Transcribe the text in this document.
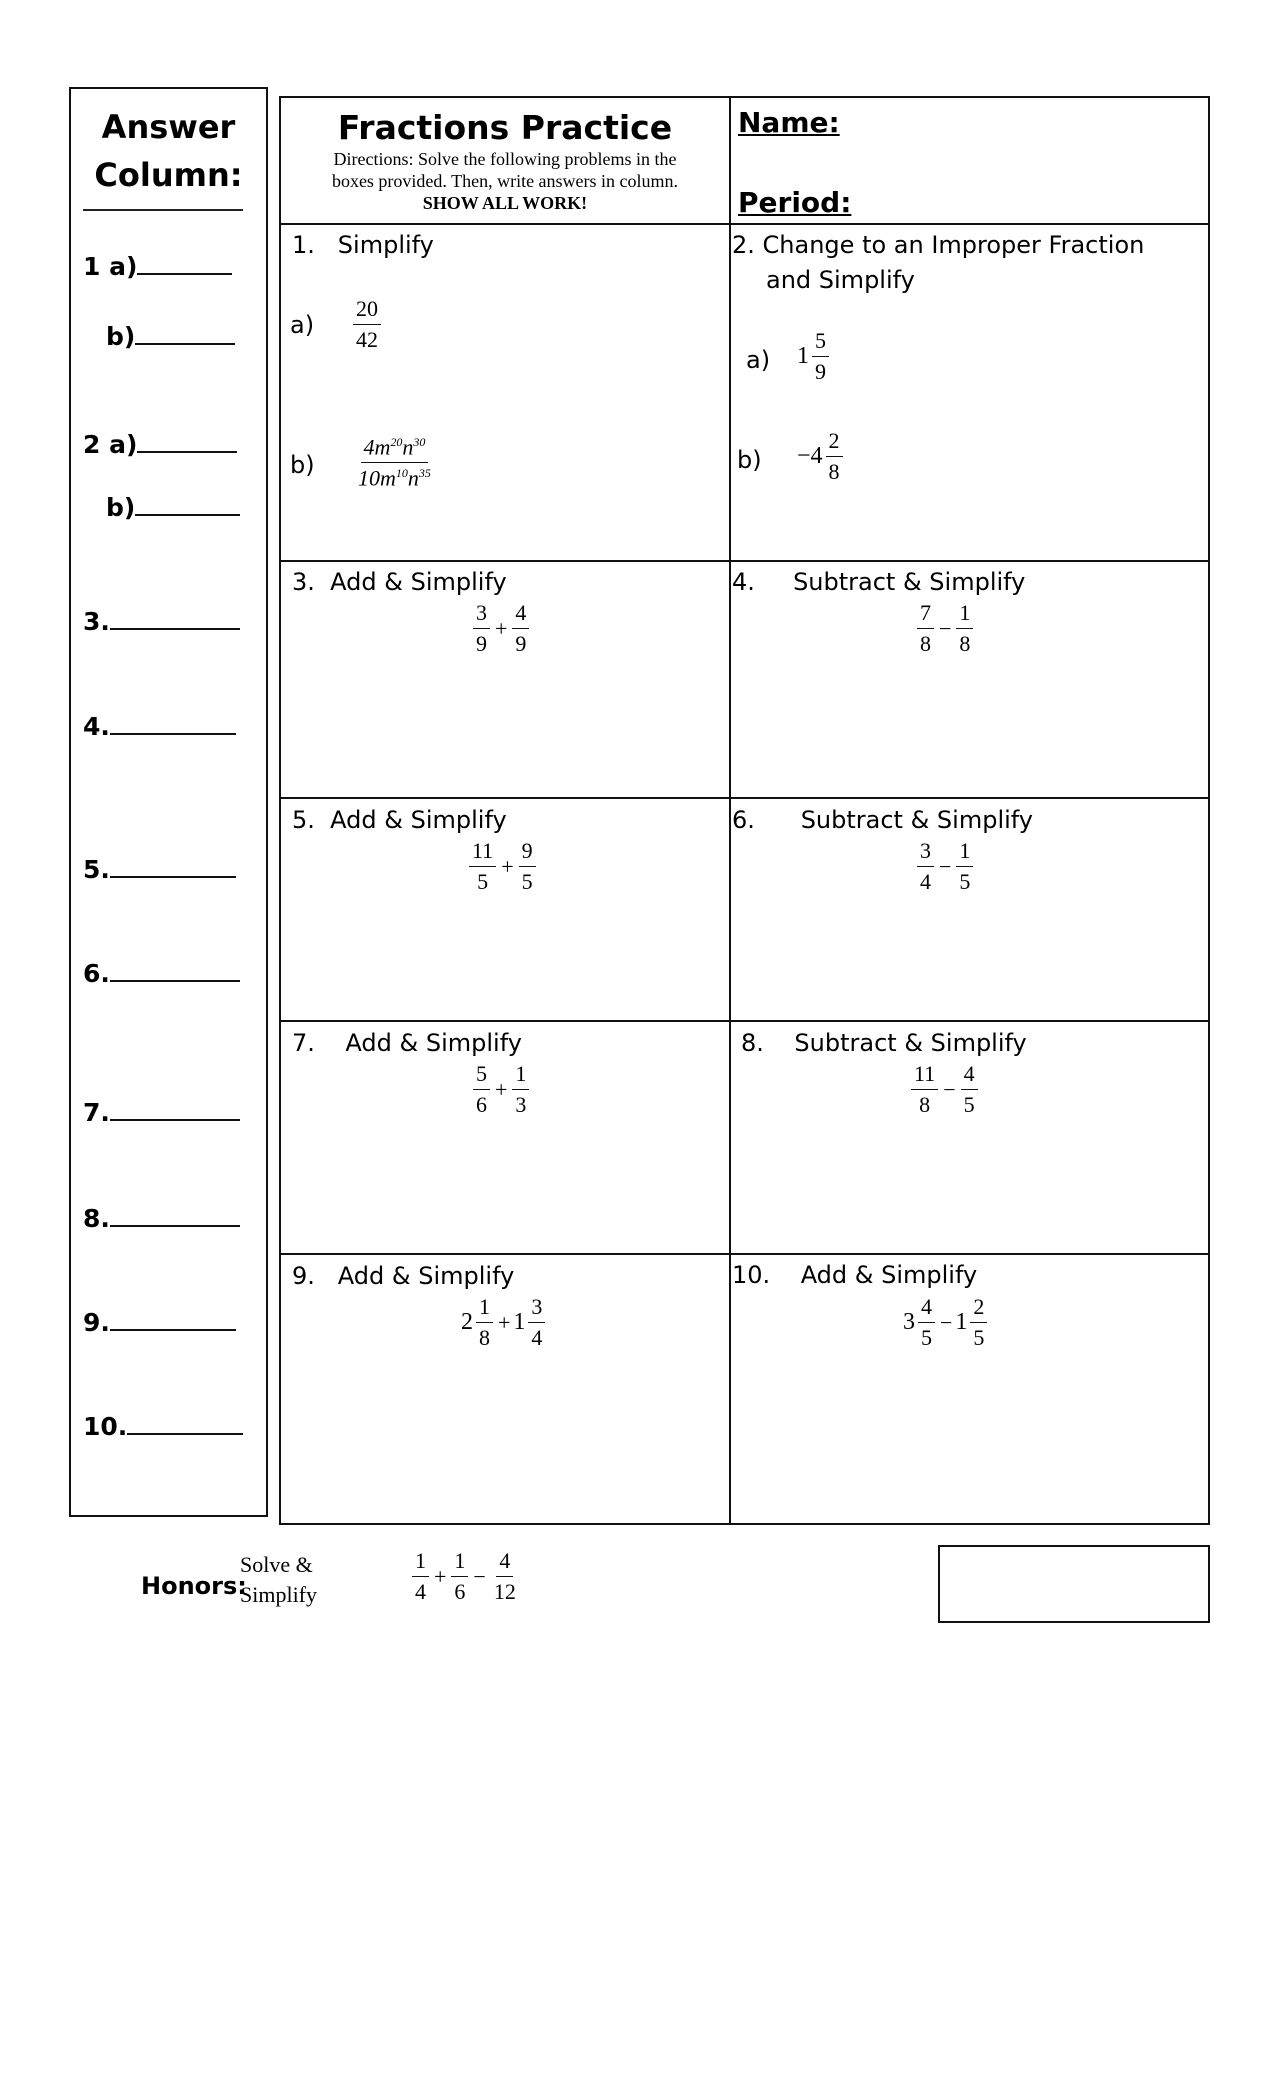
Answer
Column:
1 a)
b)
2 a)
b)
3.
4.
5.
6.
7.
8.
9.
10.
Fractions Practice
Directions: Solve the following problems in the
boxes provided. Then, write answers in column.
SHOW ALL WORK!
Name:
Period:
1. Simplify
$a) \frac{20}{42}$
$b) \frac{4m^{20}n^{30}}{10m^{10}n^{35}}$
2. Change to an Improper Fraction
and Simplify
a) $1 \frac{5}{9}$
$b) -4 \frac{2}{8}$
3. Add & Simplify
$\frac{3}{9} + \frac{4}{9}$
4. Subtract & Simplify
$\frac{7}{8} - \frac{1}{8}$
5. Add & Simplify
$\frac{11}{5} + \frac{9}{5}$
6. Subtract & Simplify
$\frac{3}{4} - \frac{1}{5}$
7. Add & Simplify
$\frac{5}{6} + \frac{1}{3}$
8. Subtract & Simplify
$\frac{11}{8} - \frac{4}{5}$
9. Add & Simplify
$2 \frac{1}{8} + 1 \frac{3}{4}$
10. Add & Simplify
$3 \frac{4}{5} - 1 \frac{2}{5}$
Honors:
Solve &
Simplify	$\frac{1}{4} + \frac{1}{6} - \frac{4}{12}$
